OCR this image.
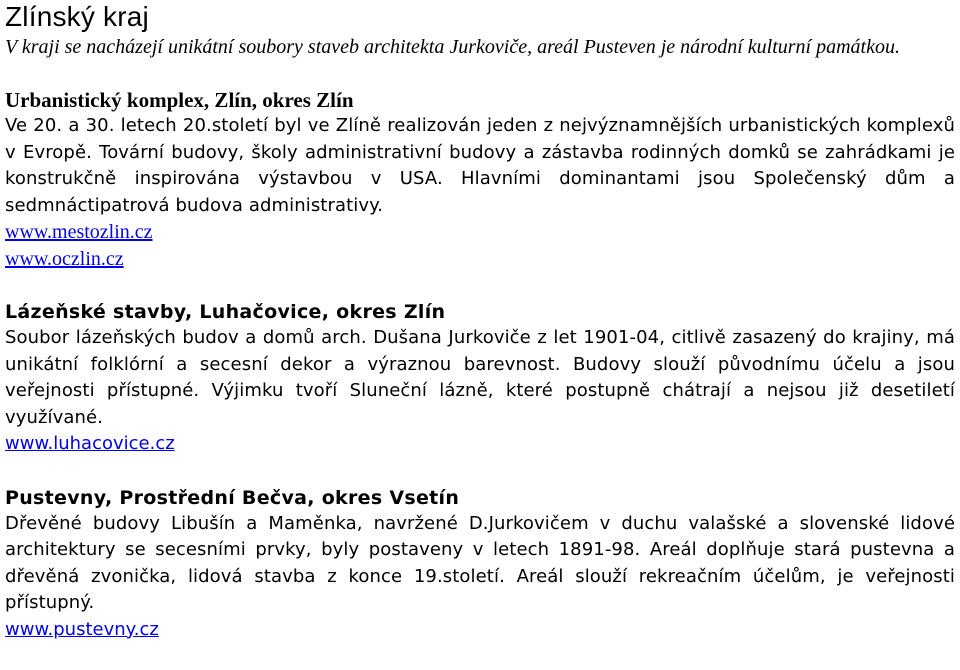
Zlínský kraj

V kraji se nacházejí unikátní soubory staveb architekta Jurkoviče, areál Pusteven je národní kulturní památkou.

Urbanistický komplex, Zlín, okres Zlín

Ve 20. a 30. letech 20.století byl ve Zlíně realizován jeden z nejvýznamnějších urbanistických komplexů v Evropě. Tovární budovy, školy administrativní budovy a zástavba rodinných domků se zahrádkami je konstrukčně inspirována výstavbou v USA. Hlavními dominantami jsou Společenský dům a sedmnáctipatrová budova administrativy.

www.mestozlin.cz
www.oczlin.cz
Lázeňské stavby, Luhačovice, okres Zlín

Soubor lázeňských budov a domů arch. Dušana Jurkoviče z let 1901-04, citlivě zasazený do krajiny, má unikátní folklórní a secesní dekor a výraznou barevnost. Budovy slouží původnímu účelu a jsou veřejnosti přístupné. Výjimku tvoří Sluneční lázně, které postupně chátrají a nejsou již desetiletí využívané.

www.luhacovice.cz
Pustevny, Prostřední Bečva, okres Vsetín

Dřevěné budovy Libušín a Maměnka, navržené D.Jurkovičem v duchu valašské a slovenské lidové architektury se secesními prvky, byly postaveny v letech 1891-98. Areál doplňuje stará pustevna a dřevěná zvonička, lidová stavba z konce 19.století. Areál slouží rekreačním účelům, je veřejnosti přístupný.

www.pustevny.cz
